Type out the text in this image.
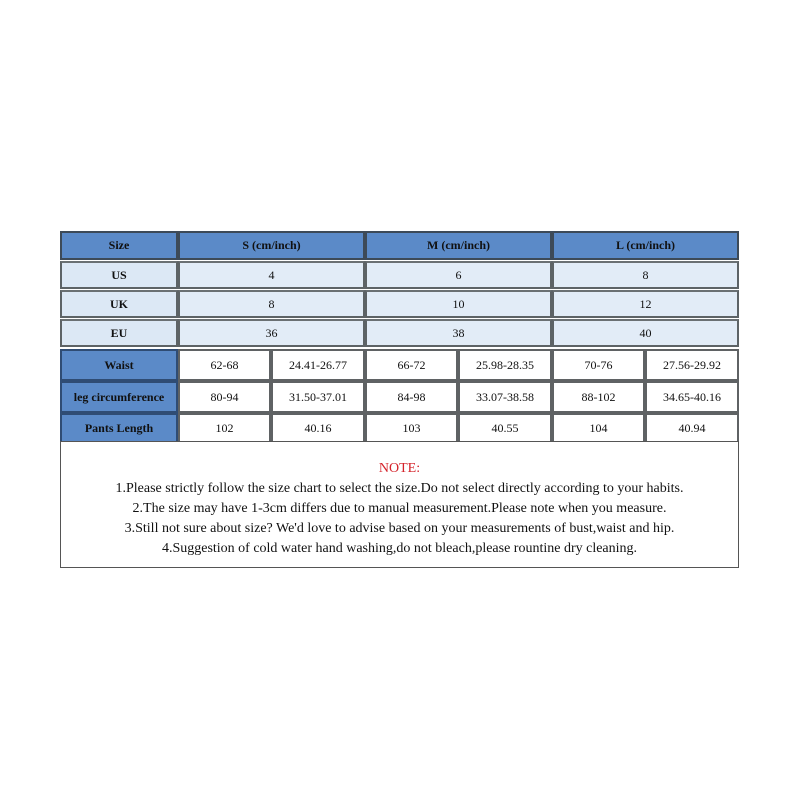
Size	S (cm/inch)	M (cm/inch)	L (cm/inch)
US	4	6	8
UK	8	10	12
EU	36	38	40
Waist	62-68	24.41-26.77	66-72	25.98-28.35	70-76	27.56-29.92
leg circumference	80-94	31.50-37.01	84-98	33.07-38.58	88-102	34.65-40.16
Pants Length	102	40.16	103	40.55	104	40.94
NOTE:
1.Please strictly follow the size chart to select the size.Do not select directly according to your habits.
2.The size may have 1-3cm differs due to manual measurement.Please note when you measure.
3.Still not sure about size? We'd love to advise based on your measurements of bust,waist and hip.
4.Suggestion of cold water hand washing,do not bleach,please rountine dry cleaning.
